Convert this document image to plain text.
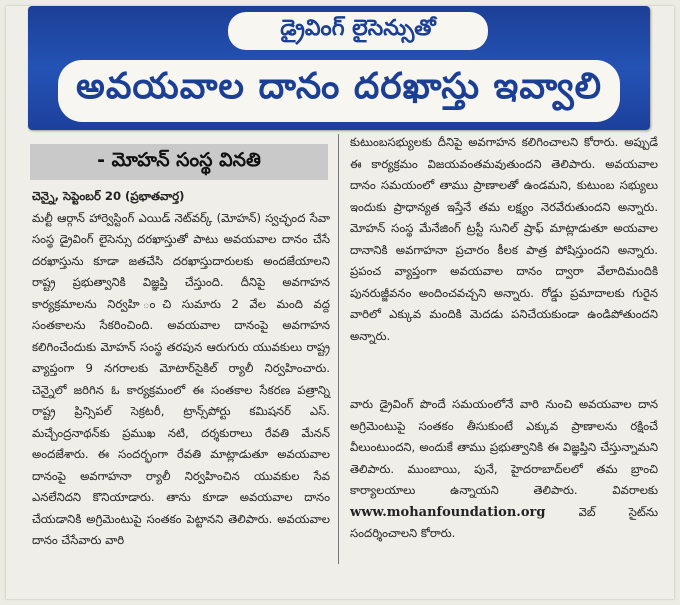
డ్రైవింగ్ లైసెన్సుతో
అవయవాల దానం దరఖాస్తు ఇవ్వాలి
- మోహన్ సంస్థ వినతి

చెన్నై, సెప్టెంబర్ 20 (ప్రభాతవార్త)

మల్టీ ఆర్గాన్ హార్వెస్టింగ్ ఎయిడ్ నెట్‌వర్క్ (మోహన్) స్వచ్ఛంద సేవా సంస్థ డ్రైవింగ్ లైసెన్సు దరఖాస్తుతో పాటు అవయవాల దానం చేసే దరఖాస్తును కూడా జతచేసి దరఖాస్తుదారులకు అందజేయాలని రాష్ట్ర ప్రభుత్వానికి విజ్ఞప్తి చేస్తుంది. దీనిపై అవగాహన కార్యక్రమాలను నిర్వహి ంచి సుమారు 2 వేల మంది వద్ద సంతకాలను సేకరించింది. అవయవాల దానంపై అవగాహన కలిగించేందుకు మోహన్ సంస్థ తరపున ఆరుగురు యువకులు రాష్ట్ర వ్యాప్తంగా 9 నగరాలకు మోటార్‌సైకిల్ ర్యాలీ నిర్వహించారు. చెన్నైలో జరిగిన ఓ కార్యక్రమంలో ఈ సంతకాల సేకరణ పత్రాన్ని రాష్ట్ర ప్రిన్సిపల్ సెక్రటరీ, ట్రాన్స్‌పోర్టు కమిషనర్ ఎస్. మచ్చేంద్రనాథన్‌కు ప్రముఖ నటి, దర్శకురాలు రేవతి మేనన్ అందజేశారు. ఈ సందర్భంగా రేవతి మాట్లాడుతూ అవయవాల దానంపై అవగాహనా ర్యాలీ నిర్వహించిన యువకుల సేవ ఎనలేనిదని కొనియాడారు. తాను కూడా అవయవాల దానం చేయడానికి అగ్రిమెంటుపై సంతకం పెట్టానని తెలిపారు. అవయవాల దానం చేసేవారు వారి

కుటుంబసభ్యులకు దీనిపై అవగాహన కలిగించాలని కోరారు. అప్పుడే ఈ కార్యక్రమం విజయవంతమవుతుందని తెలిపారు. అవయవాల దానం సమయంలో తాము ప్రాణాలతో ఉండమని, కుటుంబ సభ్యులు ఇందుకు ప్రాధాన్యత ఇస్తేనే తమ లక్ష్యం నెరవేరుతుందని అన్నారు. మోహన్ సంస్థ మేనేజింగ్ ట్రస్టీ సునిల్ ష్రాఫ్ మాట్లాడుతూ అయవాల దానానికి అవగాహనా ప్రచారం కీలక పాత్ర పోషిస్తుందని అన్నారు. ప్రపంచ వ్యాప్తంగా అవయవాల దానం ద్వారా వేలాదిమందికి పునరుజ్జీవనం అందించవచ్చని అన్నారు. రోడ్డు ప్రమాదాలకు గురైన వారిలో ఎక్కువ మందికి మెదడు పనిచేయకుండా ఉండిపోతుందని అన్నారు.

వారు డ్రైవింగ్ పొందే సమయంలోనే వారి నుంచి అవయవాల దాన అగ్రిమెంటుపై సంతకం తీసుకుంటే ఎక్కువ ప్రాణాలను రక్షించే వీలుంటుందని, అందుకే తాము ప్రభుత్వానికి ఈ విజ్ఞప్తిని చేస్తున్నామని తెలిపారు. ముంబాయి, పునే, హైదరాబాద్‌లలో తమ బ్రాంచి కార్యాలయాలు ఉన్నాయని తెలిపారు. వివరాలకు www.mohanfoundation.org	వెబ్ సైట్‌ను సందర్శించాలని కోరారు.
